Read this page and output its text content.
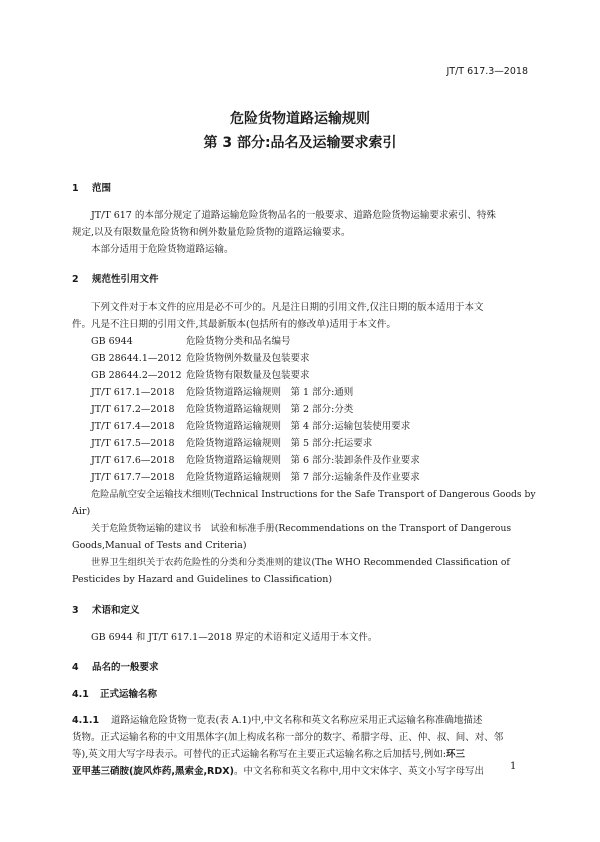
JT/T 617.3—2018
危险货物道路运输规则
第 3 部分:品名及运输要求索引
1 范围
JT/T 617 的本部分规定了道路运输危险货物品名的一般要求、道路危险货物运输要求索引、特殊
规定,以及有限数量危险货物和例外数量危险货物的道路运输要求。
本部分适用于危险货物道路运输。
2 规范性引用文件
下列文件对于本文件的应用是必不可少的。凡是注日期的引用文件,仅注日期的版本适用于本文
件。凡是不注日期的引用文件,其最新版本(包括所有的修改单)适用于本文件。
GB 6944	危险货物分类和品名编号
GB 28644.1—2012 危险货物例外数量及包装要求
GB 28644.2—2012 危险货物有限数量及包装要求
JT/T 617.1—2018 危险货物道路运输规则　第 1 部分:通则
JT/T 617.2—2018 危险货物道路运输规则　第 2 部分:分类
JT/T 617.4—2018 危险货物道路运输规则　第 4 部分:运输包装使用要求
JT/T 617.5—2018 危险货物道路运输规则　第 5 部分:托运要求
JT/T 617.6—2018 危险货物道路运输规则　第 6 部分:装卸条件及作业要求
JT/T 617.7—2018 危险货物道路运输规则　第 7 部分:运输条件及作业要求
危险品航空安全运输技术细则(Technical Instructions for the Safe Transport of Dangerous Goods by
Air)
关于危险货物运输的建议书　试验和标准手册(Recommendations on the Transport of Dangerous
Goods,Manual of Tests and Criteria)
世界卫生组织关于农药危险性的分类和分类准则的建议(The WHO Recommended Classification of
Pesticides by Hazard and Guidelines to Classification)
3 术语和定义
GB 6944 和 JT/T 617.1—2018 界定的术语和定义适用于本文件。
4 品名的一般要求
4.1 正式运输名称
4.1.1 道路运输危险货物一览表(表 A.1)中,中文名称和英文名称应采用正式运输名称准确地描述
货物。正式运输名称的中文用黑体字(加上构成名称一部分的数字、希腊字母、正、仲、叔、间、对、邻
等),英文用大写字母表示。可替代的正式运输名称写在主要正式运输名称之后加括号,例如:环三
亚甲基三硝胺(旋风炸药,黑索金,RDX)。中文名称和英文名称中,用中文宋体字、英文小写字母写出	1
